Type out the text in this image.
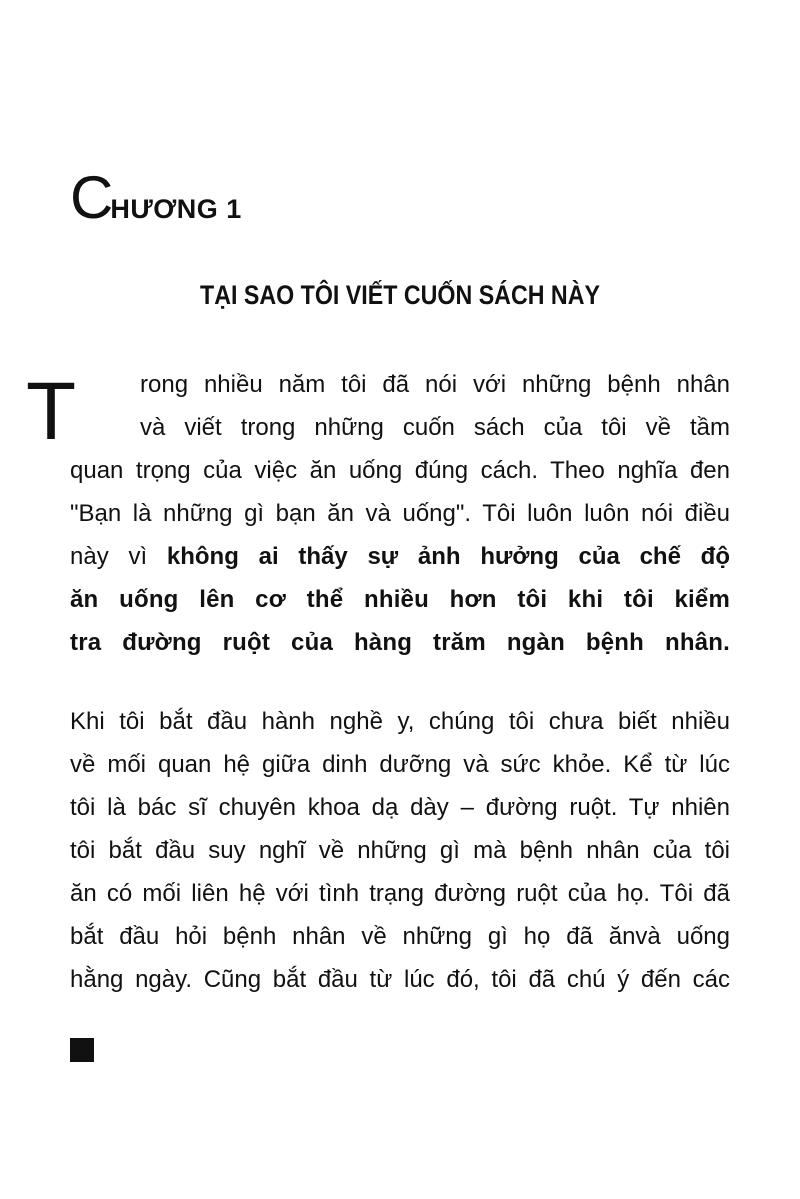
CHƯƠNG 1
TẠI SAO TÔI VIẾT CUỐN SÁCH NÀY
T	rong nhiều năm tôi đã nói với những bệnh nhân
và viết trong những cuốn sách của tôi về tầm
quan trọng của việc ăn uống đúng cách. Theo nghĩa đen
"Bạn là những gì bạn ăn và uống". Tôi luôn luôn nói điều
này vì không ai thấy sự ảnh hưởng của chế độ
ăn uống lên cơ thể nhiều hơn tôi khi tôi kiểm
tra đường ruột của hàng trăm ngàn bệnh nhân.
Khi tôi bắt đầu hành nghề y, chúng tôi chưa biết nhiều
về mối quan hệ giữa dinh dưỡng và sức khỏe. Kể từ lúc
tôi là bác sĩ chuyên khoa dạ dày – đường ruột. Tự nhiên
tôi bắt đầu suy nghĩ về những gì mà bệnh nhân của tôi
ăn có mối liên hệ với tình trạng đường ruột của họ. Tôi đã
bắt đầu hỏi bệnh nhân về những gì họ đã ănvà uống
hằng ngày. Cũng bắt đầu từ lúc đó, tôi đã chú ý đến các
